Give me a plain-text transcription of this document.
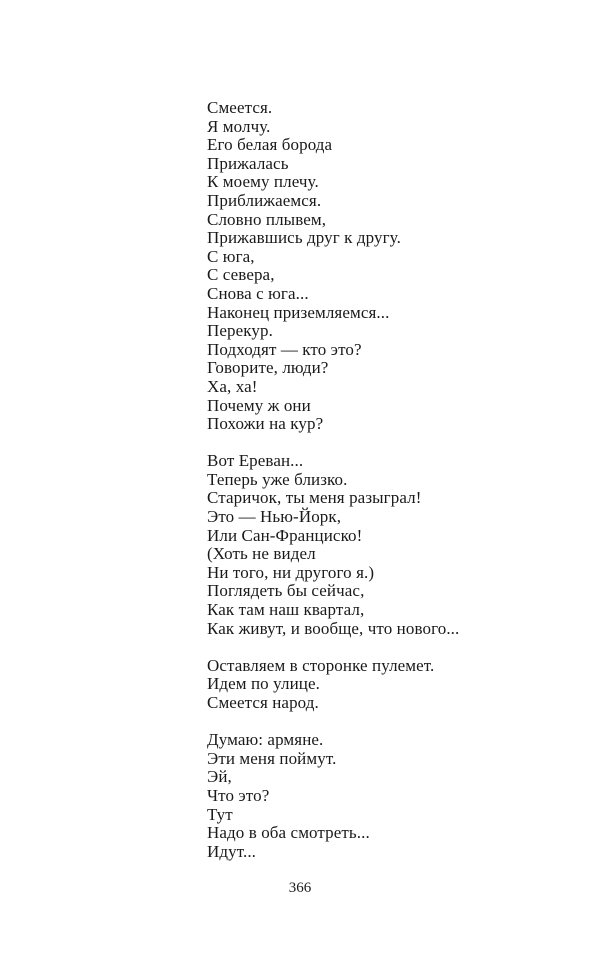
Смеется.
Я молчу.
Его белая борода
Прижалась
К моему плечу.
Приближаемся.
Словно плывем,
Прижавшись друг к другу.
С юга,
С севера,
Снова с юга...
Наконец приземляемся...
Перекур.
Подходят — кто это?
Говорите, люди?
Ха, ха!
Почему ж они
Похожи на кур?
Вот Ереван...
Теперь уже близко.
Старичок, ты меня разыграл!
Это — Нью-Йорк,
Или Сан-Франциско!
(Хоть не видел
Ни того, ни другого я.)
Поглядеть бы сейчас,
Как там наш квартал,
Как живут, и вообще, что нового...
Оставляем в сторонке пулемет.
Идем по улице.
Смеется народ.
Думаю: армяне.
Эти меня поймут.
Эй,
Что это?
Тут
Надо в оба смотреть...
Идут...
366
